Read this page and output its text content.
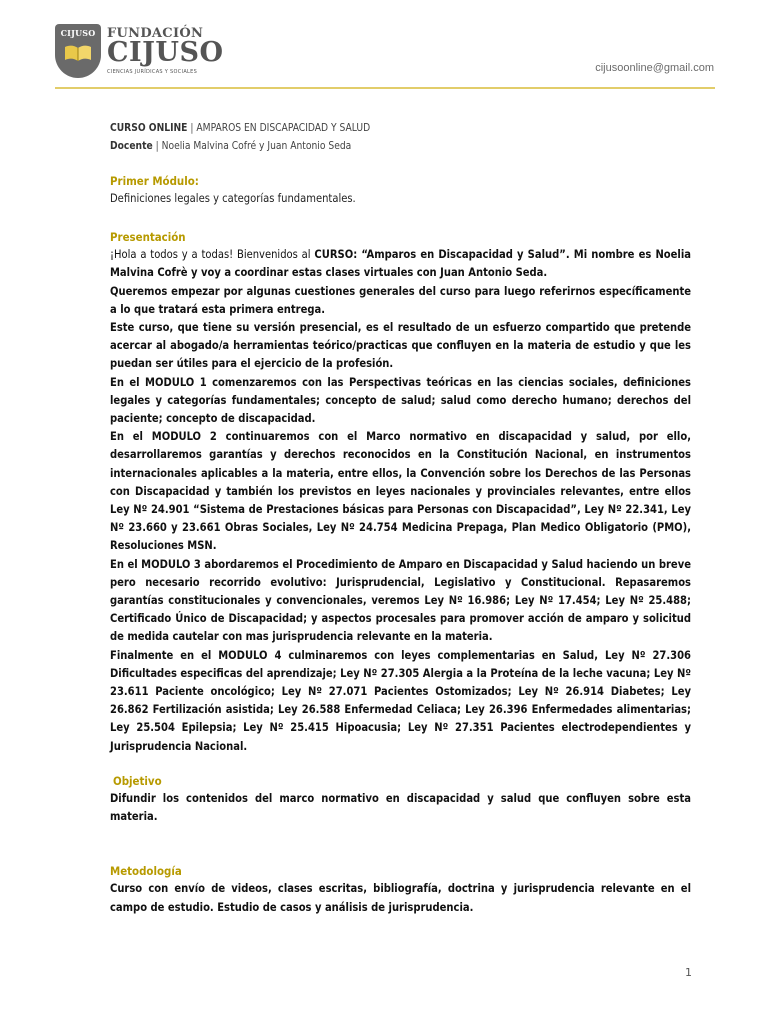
CIJUSO FUNDACIÓN
CIJUSO
CIENCIAS JURÍDICAS Y SOCIALES	cijusoonline@gmail.com

CURSO ONLINE | AMPAROS EN DISCAPACIDAD Y SALUD

Docente | Noelia Malvina Cofré y Juan Antonio Seda

Primer Módulo:

Definiciones legales y categorías fundamentales.

Presentación

¡Hola a todos y a todas! Bienvenidos al CURSO: “Amparos en Discapacidad y Salud”. Mi nombre es Noelia Malvina Cofrè y voy a coordinar estas clases virtuales con Juan Antonio Seda.

Queremos empezar por algunas cuestiones generales del curso para luego referirnos específicamente a lo que tratará esta primera entrega.

Este curso, que tiene su versión presencial, es el resultado de un esfuerzo compartido que pretende acercar al abogado/a herramientas teórico/practicas que confluyen en la materia de estudio y que les puedan ser útiles para el ejercicio de la profesión.

En el MODULO 1 comenzaremos con las Perspectivas teóricas en las ciencias sociales, definiciones legales y categorías fundamentales; concepto de salud; salud como derecho humano; derechos del paciente; concepto de discapacidad.

En el MODULO 2 continuaremos con el Marco normativo en discapacidad y salud, por ello, desarrollaremos garantías y derechos reconocidos en la Constitución Nacional, en instrumentos internacionales aplicables a la materia, entre ellos, la Convención sobre los Derechos de las Personas con Discapacidad y también los previstos en leyes nacionales y provinciales relevantes, entre ellos Ley Nº 24.901 “Sistema de Prestaciones básicas para Personas con Discapacidad”, Ley Nº 22.341, Ley Nº 23.660 y 23.661 Obras Sociales, Ley Nº 24.754 Medicina Prepaga, Plan Medico Obligatorio (PMO), Resoluciones MSN.

En el MODULO 3 abordaremos el Procedimiento de Amparo en Discapacidad y Salud haciendo un breve pero necesario recorrido evolutivo: Jurisprudencial, Legislativo y Constitucional. Repasaremos garantías constitucionales y convencionales, veremos Ley Nº 16.986; Ley Nº 17.454; Ley Nº 25.488; Certificado Único de Discapacidad; y aspectos procesales para promover acción de amparo y solicitud de medida cautelar con mas jurisprudencia relevante en la materia.

Finalmente en el MODULO 4 culminaremos con leyes complementarias en Salud, Ley Nº 27.306 Dificultades especificas del aprendizaje; Ley Nº 27.305 Alergia a la Proteína de la leche vacuna; Ley Nº 23.611 Paciente oncológico; Ley Nº 27.071 Pacientes Ostomizados; Ley Nº 26.914 Diabetes; Ley 26.862 Fertilización asistida; Ley 26.588 Enfermedad Celiaca; Ley 26.396 Enfermedades alimentarias; Ley 25.504 Epilepsia; Ley Nº 25.415 Hipoacusia; Ley Nº 27.351 Pacientes electrodependientes y Jurisprudencia Nacional.

Objetivo

Difundir los contenidos del marco normativo en discapacidad y salud que confluyen sobre esta materia.

Metodología

Curso con envío de videos, clases escritas, bibliografía, doctrina y jurisprudencia relevante en el campo de estudio. Estudio de casos y análisis de jurisprudencia.

1
